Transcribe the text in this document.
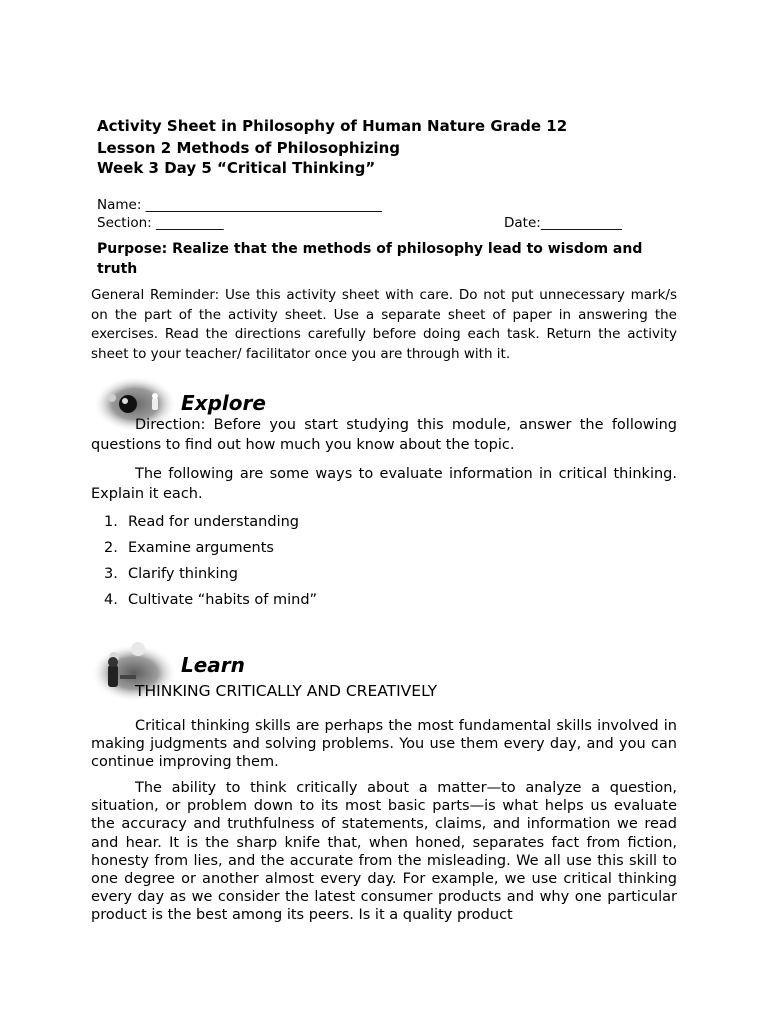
Activity Sheet in Philosophy of Human Nature Grade 12
Lesson 2 Methods of Philosophizing
Week 3 Day 5 “Critical Thinking”
Name: ___________________________________
Section: __________	Date:____________
Purpose: Realize that the methods of philosophy lead to wisdom and truth
General Reminder: Use this activity sheet with care. Do not put unnecessary mark/s on the part of the activity sheet. Use a separate sheet of paper in answering the exercises. Read the directions carefully before doing each task. Return the activity sheet to your teacher/ facilitator once you are through with it.
Explore
Direction: Before you start studying this module, answer the following questions to find out how much you know about the topic.
The following are some ways to evaluate information in critical thinking. Explain it each.
1. Read for understanding
2. Examine arguments
3. Clarify thinking
4. Cultivate “habits of mind”
Learn
THINKING CRITICALLY AND CREATIVELY
Critical thinking skills are perhaps the most fundamental skills involved in making judgments and solving problems. You use them every day, and you can continue improving them.
The ability to think critically about a matter—to analyze a question, situation, or problem down to its most basic parts—is what helps us evaluate the accuracy and truthfulness of statements, claims, and information we read and hear. It is the sharp knife that, when honed, separates fact from fiction, honesty from lies, and the accurate from the misleading. We all use this skill to one degree or another almost every day. For example, we use critical thinking every day as we consider the latest consumer products and why one particular product is the best among its peers. Is it a quality product
